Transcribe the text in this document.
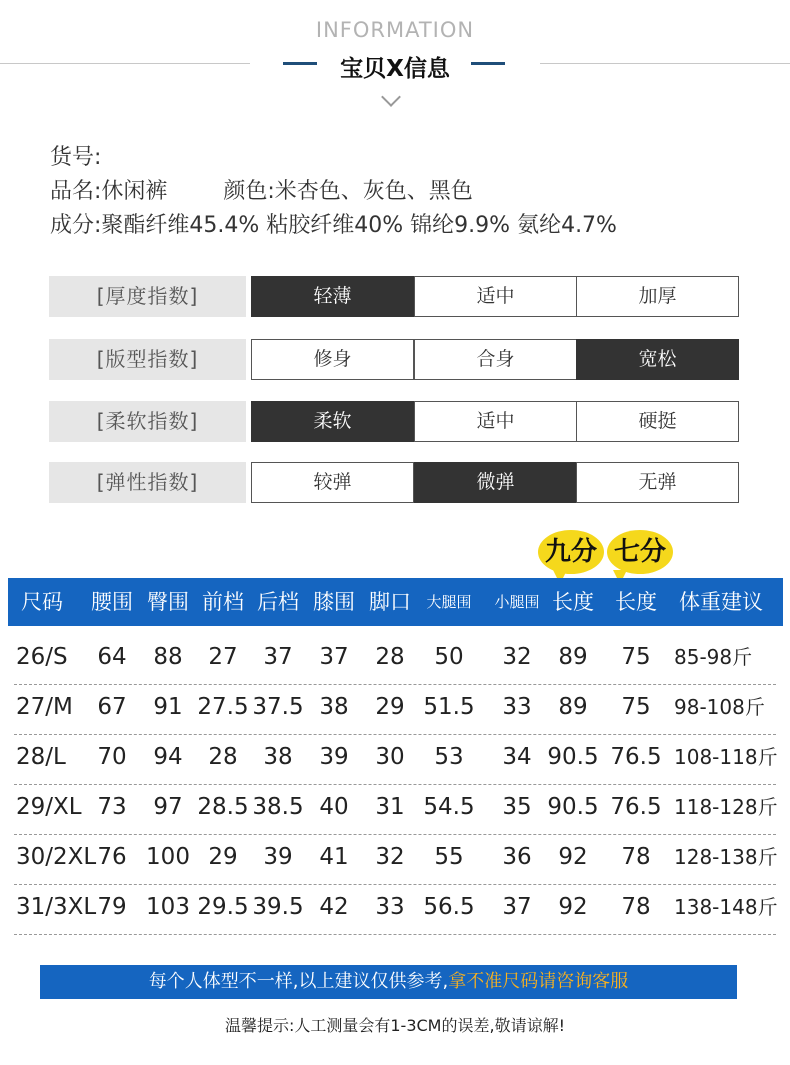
INFORMATION
宝贝X信息
货号:
品名:休闲裤        颜色:米杏色、灰色、黑色
成分:聚酯纤维45.4% 粘胶纤维40% 锦纶9.9% 氨纶4.7%
[厚度指数]	轻薄	适中	加厚
[版型指数]	修身	合身	宽松
[柔软指数]	柔软	适中	硬挺
[弹性指数]	较弹	微弹	无弹
九分 七分
尺码	腰围 臀围 前档 后档 膝围 脚口	大腿围	小腿围 长度	长度	体重建议
26/S	64	88	27	37	37	28	50	32	89	75	85-98斤
27/M	67	91 27.5 37.5 38	29 51.5	33	89	75	98-108斤
28/L	70	94	28	38	39	30	53	34 90.5 76.5 108-118斤
29/XL 73	97 28.5 38.5 40	31 54.5	35 90.5 76.5 118-128斤
30/2XL 76 100 29	39	41	32	55	36	92	78	128-138斤
31/3XL 79 103 29.5 39.5 42	33 56.5	37	92	78	138-148斤
每个人体型不一样,以上建议仅供参考,拿不准尺码请咨询客服
温馨提示:人工测量会有1-3CM的误差,敬请谅解!
